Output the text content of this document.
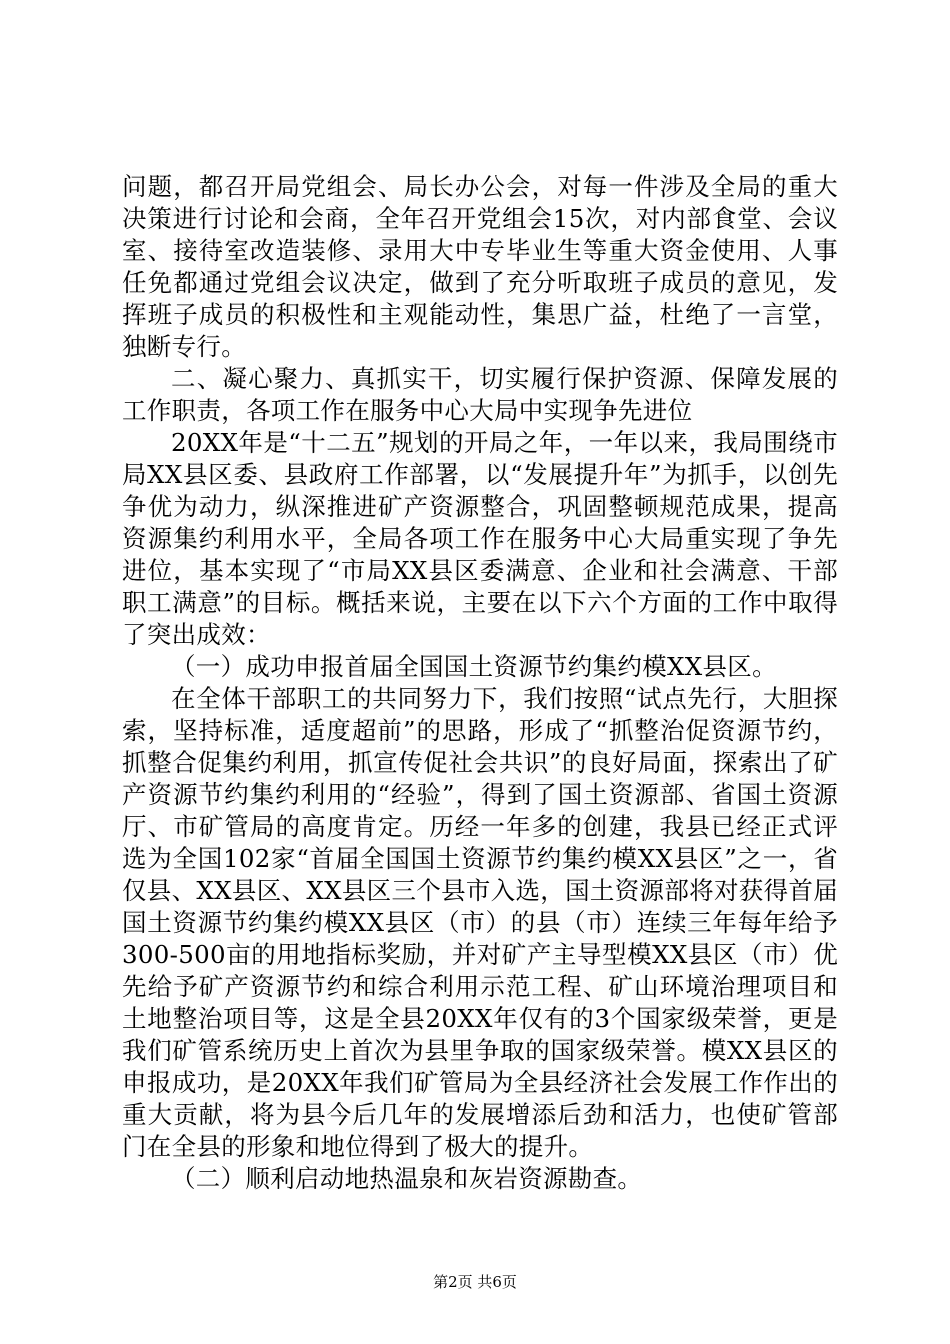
问题，都召开局党组会、局长办公会，对每一件涉及全局的重大决策进行讨论和会商，全年召开党组会15次，对内部食堂、会议室、接待室改造装修、录用大中专毕业生等重大资金使用、人事任免都通过党组会议决定，做到了充分听取班子成员的意见，发挥班子成员的积极性和主观能动性，集思广益，杜绝了一言堂，独断专行。

二、凝心聚力、真抓实干，切实履行保护资源、保障发展的工作职责，各项工作在服务中心大局中实现争先进位

20XX年是“十二五”规划的开局之年，一年以来，我局围绕市局XX县区委、县政府工作部署，以“发展提升年”为抓手，以创先争优为动力，纵深推进矿产资源整合，巩固整顿规范成果，提高资源集约利用水平，全局各项工作在服务中心大局重实现了争先进位，基本实现了“市局XX县区委满意、企业和社会满意、干部职工满意”的目标。概括来说，主要在以下六个方面的工作中取得了突出成效：

（一）成功申报首届全国国土资源节约集约模XX县区。

在全体干部职工的共同努力下，我们按照“试点先行，大胆探索，坚持标准，适度超前”的思路，形成了“抓整治促资源节约，抓整合促集约利用，抓宣传促社会共识”的良好局面，探索出了矿产资源节约集约利用的“经验”，得到了国土资源部、省国土资源厅、市矿管局的高度肯定。历经一年多的创建，我县已经正式评选为全国102家“首届全国国土资源节约集约模XX县区”之一，省仅县、XX县区、XX县区三个县市入选，国土资源部将对获得首届国土资源节约集约模XX县区（市）的县（市）连续三年每年给予300-500亩的用地指标奖励，并对矿产主导型模XX县区（市）优先给予矿产资源节约和综合利用示范工程、矿山环境治理项目和土地整治项目等，这是全县20XX年仅有的3个国家级荣誉，更是我们矿管系统历史上首次为县里争取的国家级荣誉。模XX县区的申报成功，是20XX年我们矿管局为全县经济社会发展工作作出的重大贡献，将为县今后几年的发展增添后劲和活力，也使矿管部门在全县的形象和地位得到了极大的提升。

（二）顺利启动地热温泉和灰岩资源勘查。

第2页 共6页
